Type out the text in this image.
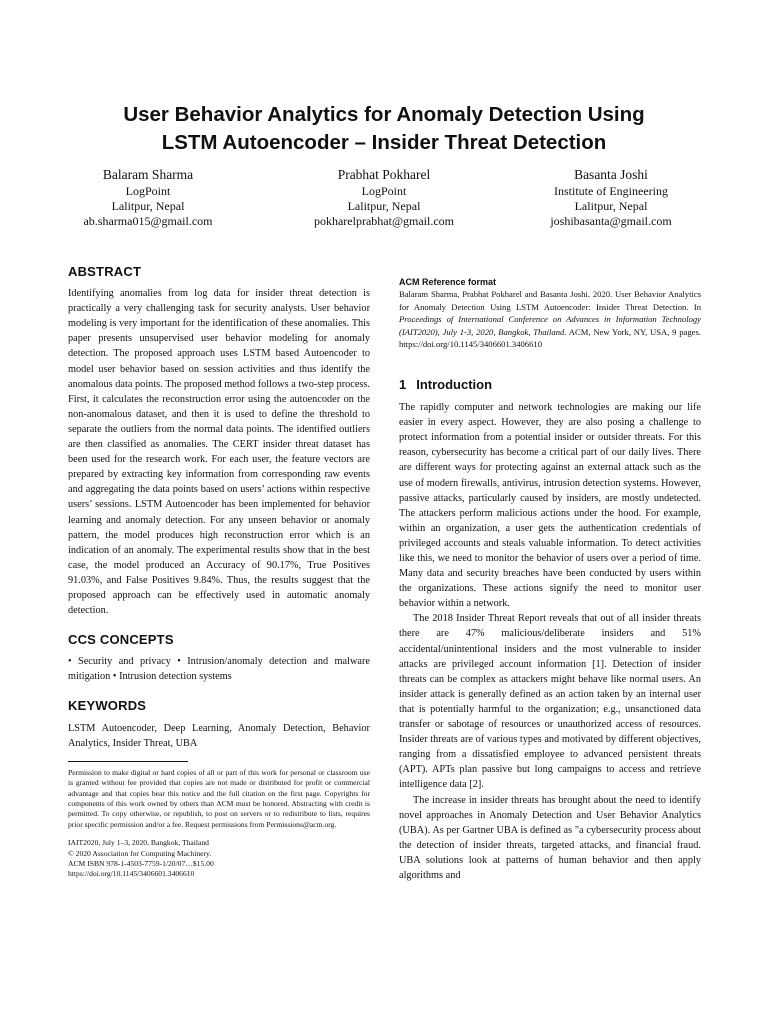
User Behavior Analytics for Anomaly Detection Using
LSTM Autoencoder – Insider Threat Detection
Balaram Sharma
LogPoint
Lalitpur, Nepal
ab.sharma015@gmail.com
Prabhat Pokharel
LogPoint
Lalitpur, Nepal
pokharelprabhat@gmail.com
Basanta Joshi
Institute of Engineering
Lalitpur, Nepal
joshibasanta@gmail.com
ABSTRACT

Identifying anomalies from log data for insider threat detection is practically a very challenging task for security analysts. User behavior modeling is very important for the identification of these anomalies. This paper presents unsupervised user behavior modeling for anomaly detection. The proposed approach uses LSTM based Autoencoder to model user behavior based on session activities and thus identify the anomalous data points. The proposed method follows a two-step process. First, it calculates the reconstruction error using the autoencoder on the non-anomalous dataset, and then it is used to define the threshold to separate the outliers from the normal data points. The identified outliers are then classified as anomalies. The CERT insider threat dataset has been used for the research work. For each user, the feature vectors are prepared by extracting key information from corresponding raw events and aggregating the data points based on users’ actions within respective users’ sessions. LSTM Autoencoder has been implemented for behavior learning and anomaly detection. For any unseen behavior or anomaly pattern, the model produces high reconstruction error which is an indication of an anomaly. The experimental results show that in the best case, the model produced an Accuracy of 90.17%, True Positives 91.03%, and False Positives 9.84%. Thus, the results suggest that the proposed approach can be effectively used in automatic anomaly detection.

CCS CONCEPTS

• Security and privacy • Intrusion/anomaly detection and malware mitigation • Intrusion detection systems

KEYWORDS

LSTM Autoencoder, Deep Learning, Anomaly Detection, Behavior Analytics, Insider Threat, UBA

Permission to make digital or hard copies of all or part of this work for personal or classroom use is granted without fee provided that copies are not made or distributed for profit or commercial advantage and that copies bear this notice and the full citation on the first page. Copyrights for components of this work owned by others than ACM must be honored. Abstracting with credit is permitted. To copy otherwise, or republish, to post on servers or to redistribute to lists, requires prior specific permission and/or a fee. Request permissions from Permissions@acm.org.

IAIT2020, July 1–3, 2020, Bangkok, Thailand
© 2020 Association for Computing Machinery.
ACM ISBN 978-1-4503-7759-1/20/07…$15.00
https://doi.org/10.1145/3406601.3406610
ACM Reference format

Balaram Sharma, Prabhat Pokharel and Basanta Joshi. 2020. User Behavior Analytics for Anomaly Detection Using LSTM Autoencoder: Insider Threat Detection. In Proceedings of International Conference on Advances in Information Technology (IAIT2020), July 1-3, 2020, Bangkok, Thailand. ACM, New York, NY, USA, 9 pages. https://doi.org/10.1145/3406601.3406610

1 Introduction

The rapidly computer and network technologies are making our life easier in every aspect. However, they are also posing a challenge to protect information from a potential insider or outsider threats. For this reason, cybersecurity has become a critical part of our daily lives. There are different ways for protecting against an external attack such as the use of modern firewalls, antivirus, intrusion detection systems. However, passive attacks, particularly caused by insiders, are mostly undetected. The attackers perform malicious actions under the hood. For example, within an organization, a user gets the authentication credentials of privileged accounts and steals valuable information. To detect activities like this, we need to monitor the behavior of users over a period of time. Many data and security breaches have been conducted by users within the organizations. These actions signify the need to monitor user behavior within a network.

The 2018 Insider Threat Report reveals that out of all insider threats there are 47% malicious/deliberate insiders and 51% accidental/unintentional insiders and the most vulnerable to insider attacks are privileged account information [1]. Detection of insider threats can be complex as attackers might behave like normal users. An insider attack is generally defined as an action taken by an internal user that is potentially harmful to the organization; e.g., unsanctioned data transfer or sabotage of resources or unauthorized access of resources. Insider threats are of various types and motivated by different objectives, ranging from a dissatisfied employee to advanced persistent threats (APT). APTs plan passive but long campaigns to access and retrieve intelligence data [2].

The increase in insider threats has brought about the need to identify novel approaches in Anomaly Detection and User Behavior Analytics (UBA). As per Gartner UBA is defined as "a cybersecurity process about the detection of insider threats, targeted attacks, and financial fraud. UBA solutions look at patterns of human behavior and then apply algorithms and
